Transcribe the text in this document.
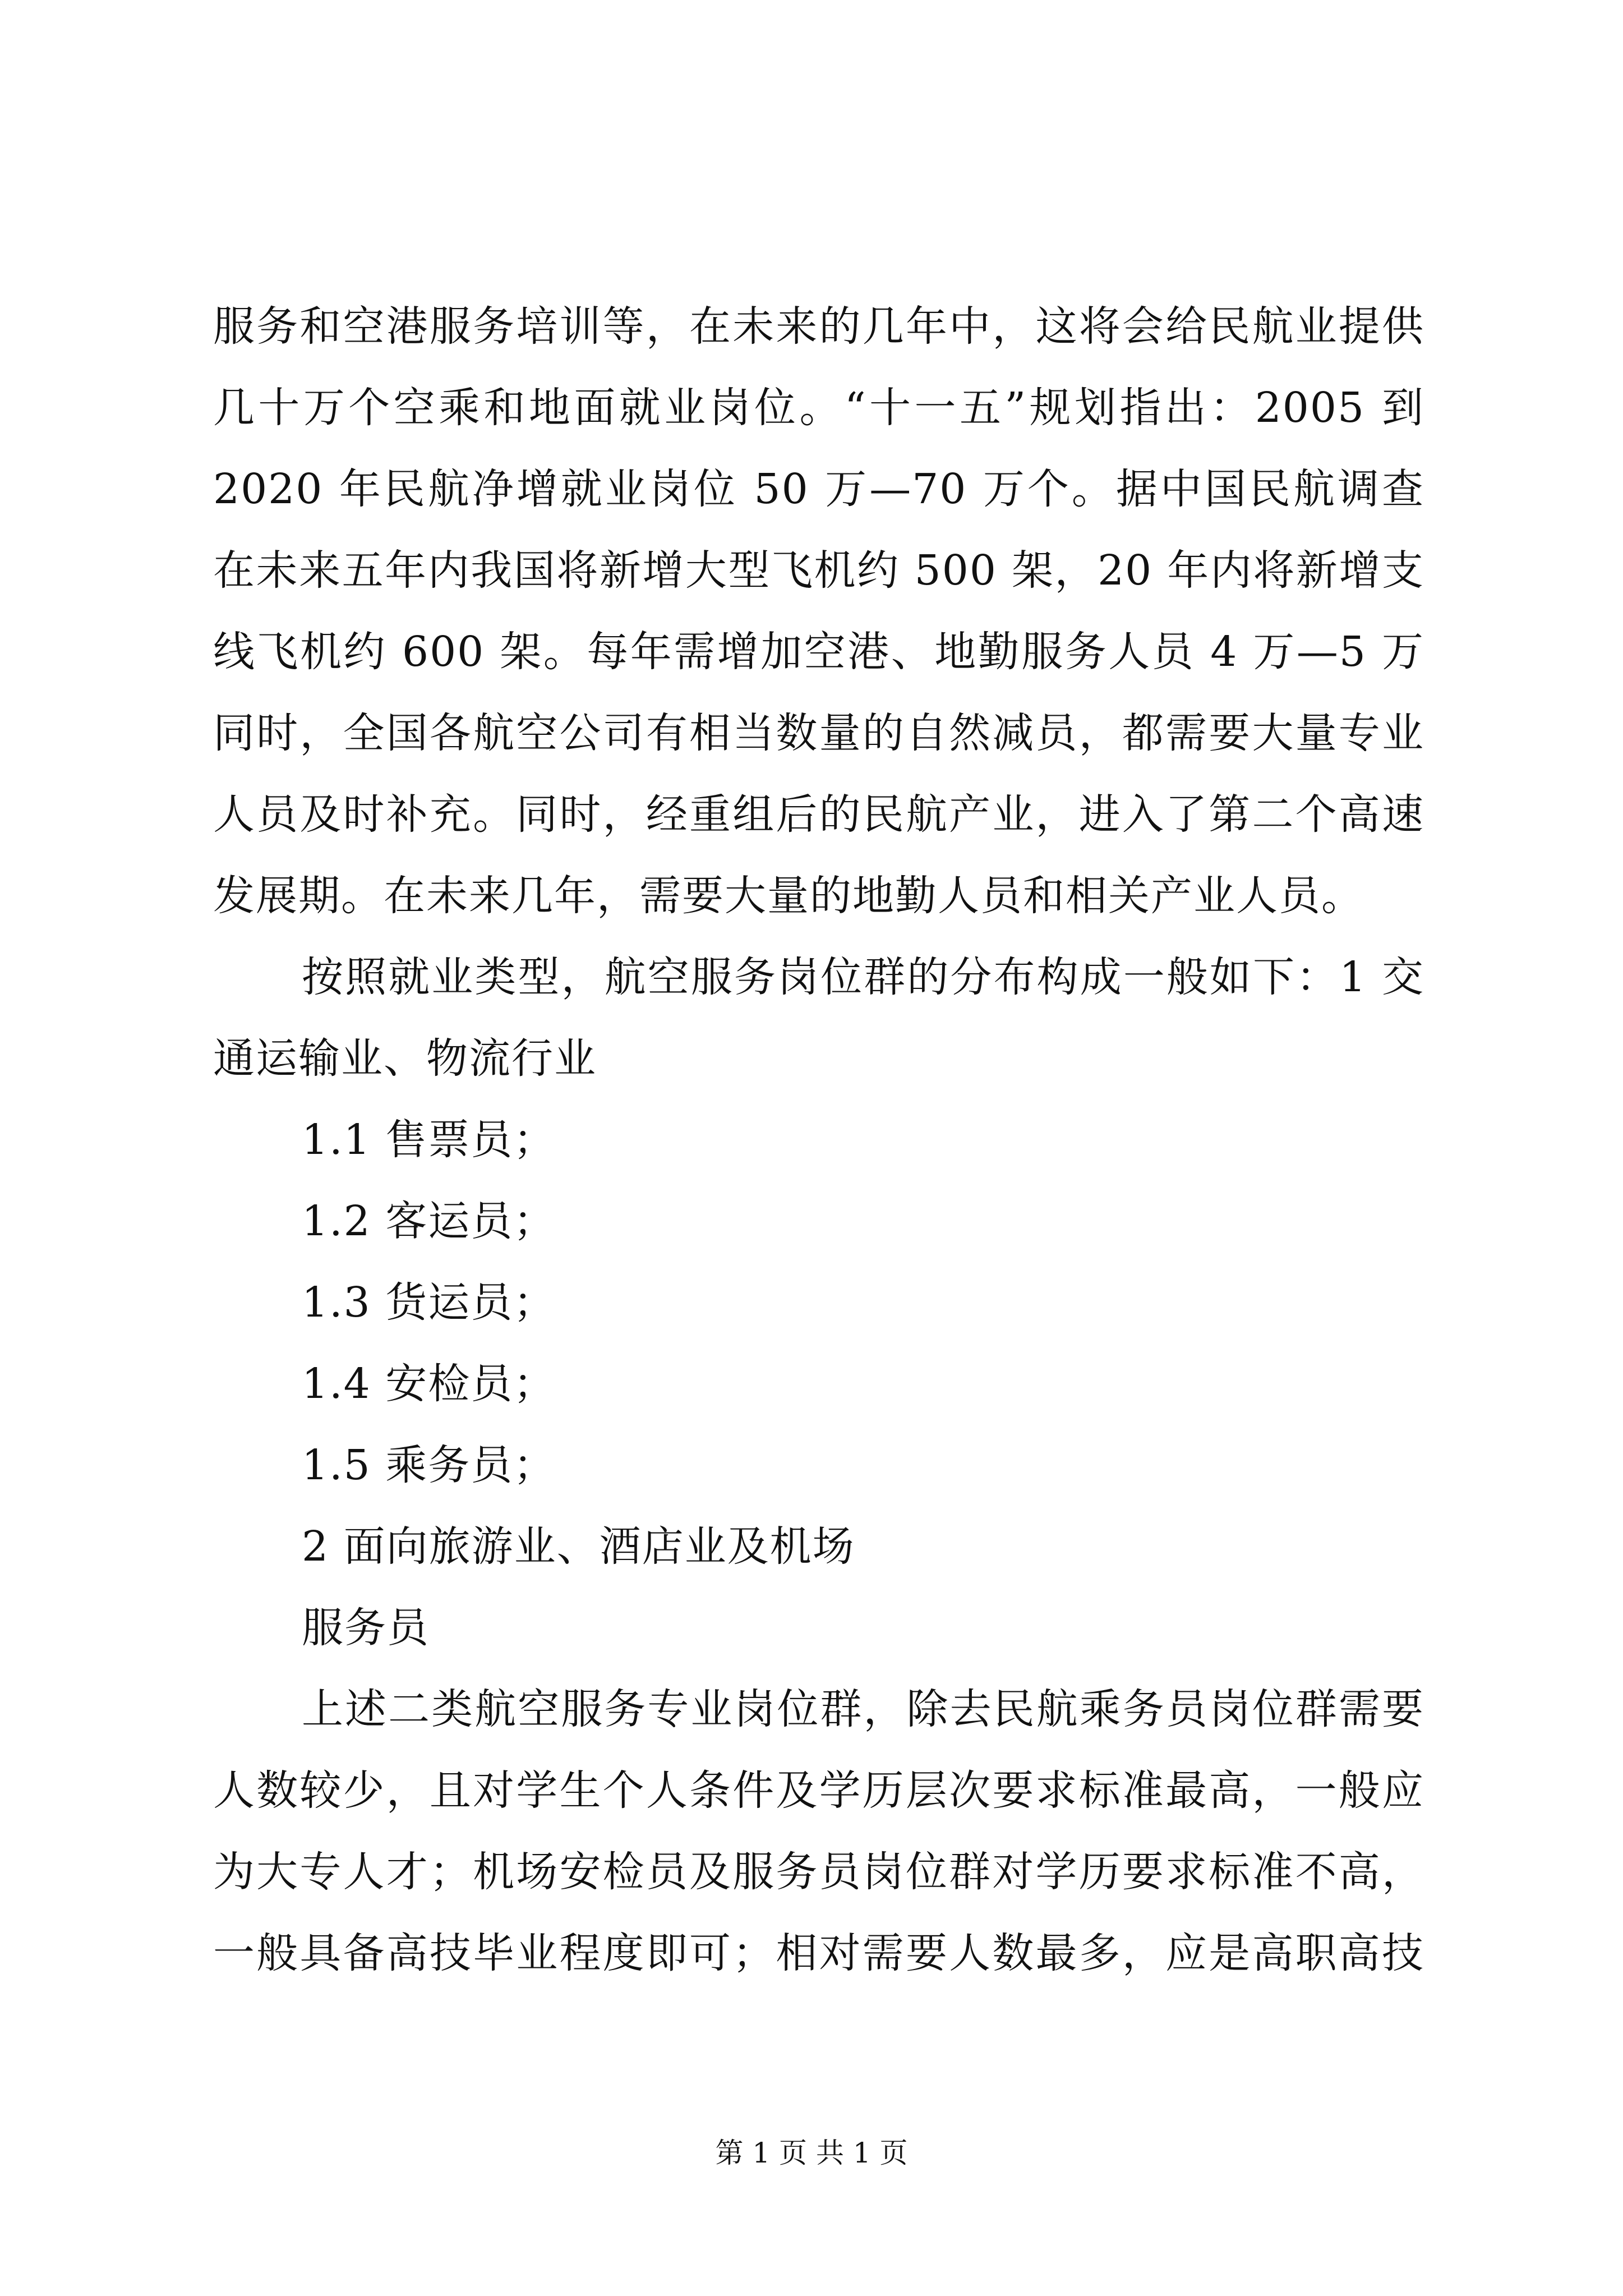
服务和空港服务培训等，在未来的几年中，这将会给民航业提供
几十万个空乘和地面就业岗位。“十一五”规划指出：2005 到
2020 年民航净增就业岗位 50 万—70 万个。据中国民航调查
在未来五年内我国将新增大型飞机约 500 架，20 年内将新增支
线飞机约 600 架。每年需增加空港、地勤服务人员 4 万—5 万
同时，全国各航空公司有相当数量的自然减员，都需要大量专业
人员及时补充。同时，经重组后的民航产业，进入了第二个高速
发展期。在未来几年，需要大量的地勤人员和相关产业人员。
按照就业类型，航空服务岗位群的分布构成一般如下：1 交
通运输业、物流行业
1.1 售票员；
1.2 客运员；
1.3 货运员；
1.4 安检员；
1.5 乘务员；
2 面向旅游业、酒店业及机场
服务员
上述二类航空服务专业岗位群，除去民航乘务员岗位群需要
人数较少，且对学生个人条件及学历层次要求标准最高，一般应
为大专人才；机场安检员及服务员岗位群对学历要求标准不高，
一般具备高技毕业程度即可；相对需要人数最多，应是高职高技
第 1 页 共 1 页
